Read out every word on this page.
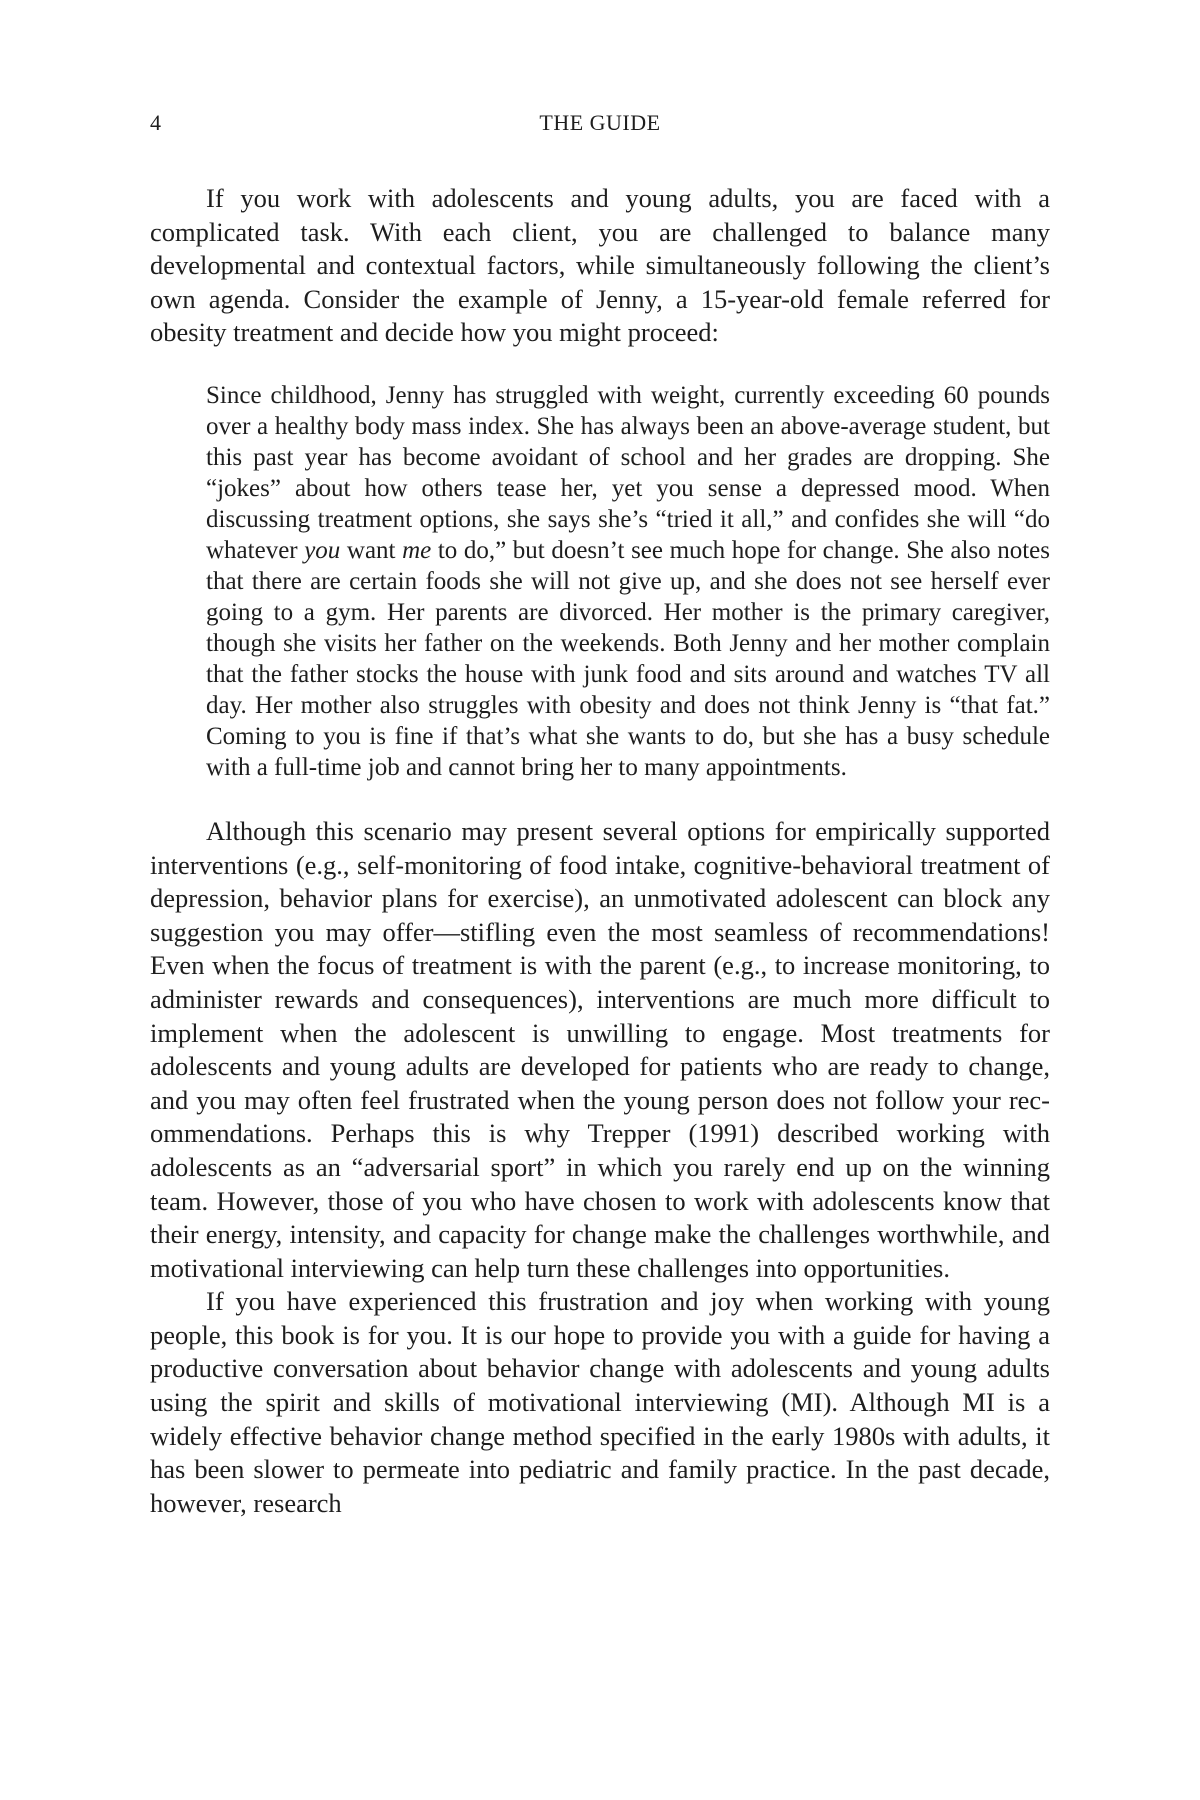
4	THE GUIDE

If you work with adolescents and young adults, you are faced with a complicated task. With each client, you are challenged to balance many developmental and contextual factors, while simultaneously following the client’s own agenda. Consider the example of Jenny, a 15-year-old female referred for obesity treatment and decide how you might proceed:

Since childhood, Jenny has struggled with weight, currently exceeding 60 pounds over a healthy body mass index. She has always been an above-average student, but this past year has become avoidant of school and her grades are dropping. She “jokes” about how others tease her, yet you sense a depressed mood. When discussing treatment options, she says she’s “tried it all,” and confides she will “do whatever you want me to do,” but doesn’t see much hope for change. She also notes that there are certain foods she will not give up, and she does not see herself ever going to a gym. Her parents are divorced. Her mother is the primary caregiver, though she visits her father on the weekends. Both Jenny and her mother complain that the father stocks the house with junk food and sits around and watches TV all day. Her mother also struggles with obesity and does not think Jenny is “that fat.” Coming to you is fine if that’s what she wants to do, but she has a busy schedule with a full-time job and cannot bring her to many appointments.

Although this scenario may present several options for empirically supported interventions (e.g., self-monitoring of food intake, cognitive-behavioral treatment of depression, behavior plans for exercise), an unmotivated adolescent can block any suggestion you may offer—stifling even the most seamless of recommendations! Even when the focus of treatment is with the parent (e.g., to increase monitoring, to administer rewards and consequences), interventions are much more difficult to implement when the adolescent is unwilling to engage. Most treatments for adolescents and young adults are developed for patients who are ready to change, and you may often feel frustrated when the young person does not follow your recommendations. Perhaps this is why Trepper (1991) described working with adolescents as an “adversarial sport” in which you rarely end up on the winning team. However, those of you who have chosen to work with adolescents know that their energy, intensity, and capacity for change make the challenges worthwhile, and motivational interviewing can help turn these challenges into opportunities.

If you have experienced this frustration and joy when working with young people, this book is for you. It is our hope to provide you with a guide for having a productive conversation about behavior change with adolescents and young adults using the spirit and skills of motivational interviewing (MI). Although MI is a widely effective behavior change method specified in the early 1980s with adults, it has been slower to permeate into pediatric and family practice. In the past decade, however, research
